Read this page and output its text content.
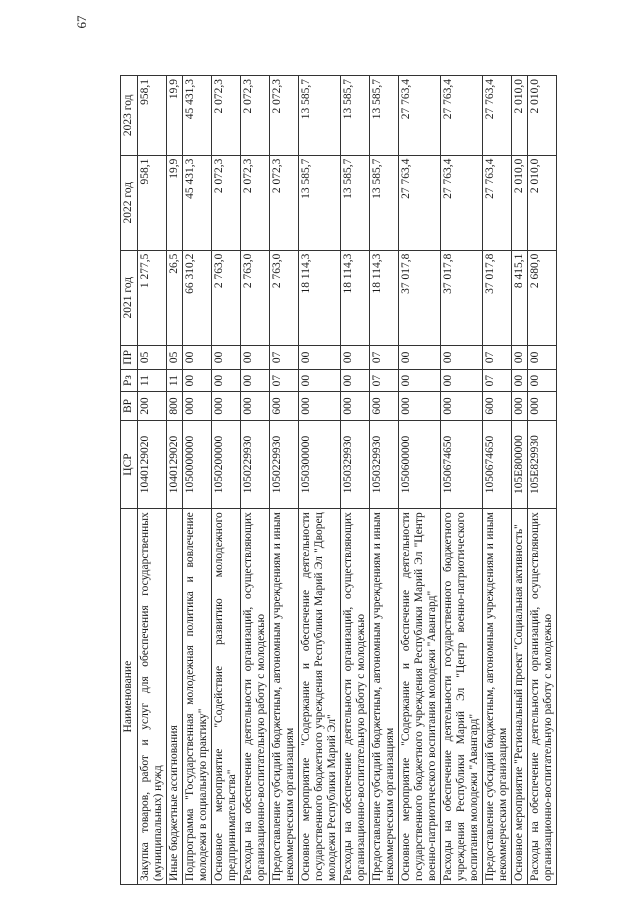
67
Наименование	ЦСР	ВР	Рз	ПР	2021 год	2022 год	2023 год
Закупка товаров, работ и услуг для обеспечения государственных (муниципальных) нужд	1040129020	200	11	05	1 277,5	958,1	958,1
Иные бюджетные ассигнования	1040129020	800	11	05	26,5	19,9	19,9
Подпрограмма "Государственная молодежная политика и вовлечение молодежи в социальную практику"	1050000000	000	00	00	66 310,2	45 431,3	45 431,3
Основное мероприятие "Содействие развитию молодежного предпринимательства"	1050200000	000	00	00	2 763,0	2 072,3	2 072,3
Расходы на обеспечение деятельности организаций, осуществляющих организационно-воспитательную работу с молодежью	1050229930	000	00	00	2 763,0	2 072,3	2 072,3
Предоставление субсидий бюджетным, автономным учреждениям и иным некоммерческим организациям	1050229930	600	07	07	2 763,0	2 072,3	2 072,3
Основное мероприятие "Содержание и обеспечение деятельности государственного бюджетного учреждения Республики Марий Эл "Дворец молодежи Республики Марий Эл"	1050300000	000	00	00	18 114,3	13 585,7	13 585,7
Расходы на обеспечение деятельности организаций, осуществляющих организационно-воспитательную работу с молодежью	1050329930	000	00	00	18 114,3	13 585,7	13 585,7
Предоставление субсидий бюджетным, автономным учреждениям и иным некоммерческим организациям	1050329930	600	07	07	18 114,3	13 585,7	13 585,7
Основное мероприятие "Содержание и обеспечение деятельности государственного бюджетного учреждения Республики Марий Эл "Центр военно-патриотического воспитания молодежи "Авангард"	1050600000	000	00	00	37 017,8	27 763,4	27 763,4
Расходы на обеспечение деятельности государственного бюджетного учреждения Республики Марий Эл "Центр военно-патриотического воспитания молодежи "Авангард"	1050674650	000	00	00	37 017,8	27 763,4	27 763,4
Предоставление субсидий бюджетным, автономным учреждениям и иным некоммерческим организациям	1050674650	600	07	07	37 017,8	27 763,4	27 763,4
Основное мероприятие "Региональный проект "Социальная активность"	105E800000	000	00	00	8 415,1	2 010,0	2 010,0
Расходы на обеспечение деятельности организаций, осуществляющих организационно-воспитательную работу с молодежью	105E829930	000	00	00	2 680,0	2 010,0	2 010,0
